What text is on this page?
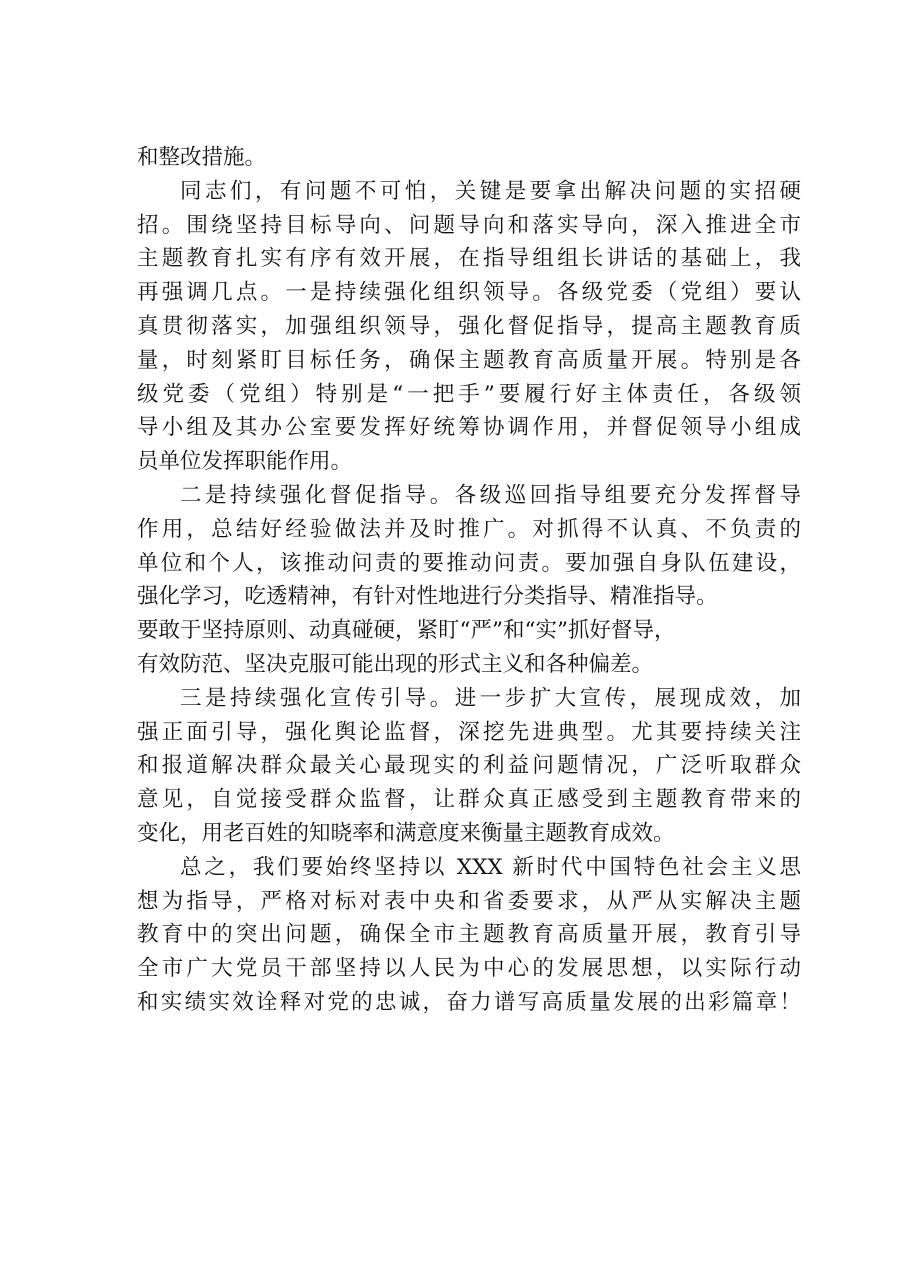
和整改措施。
同志们，有问题不可怕，关键是要拿出解决问题的实招硬
招。围绕坚持目标导向、问题导向和落实导向，深入推进全市
主题教育扎实有序有效开展，在指导组组长讲话的基础上，我
再强调几点。一是持续强化组织领导。各级党委（党组）要认
真贯彻落实，加强组织领导，强化督促指导，提高主题教育质
量，时刻紧盯目标任务，确保主题教育高质量开展。特别是各
级党委（党组）特别是“一把手”要履行好主体责任，各级领
导小组及其办公室要发挥好统筹协调作用，并督促领导小组成
员单位发挥职能作用。
二是持续强化督促指导。各级巡回指导组要充分发挥督导
作用，总结好经验做法并及时推广。对抓得不认真、不负责的
单位和个人，该推动问责的要推动问责。要加强自身队伍建设，
强化学习，吃透精神，有针对性地进行分类指导、精准指导。
要敢于坚持原则、动真碰硬，紧盯“严”和“实”抓好督导，
有效防范、坚决克服可能出现的形式主义和各种偏差。
三是持续强化宣传引导。进一步扩大宣传，展现成效，加
强正面引导，强化舆论监督，深挖先进典型。尤其要持续关注
和报道解决群众最关心最现实的利益问题情况，广泛听取群众
意见，自觉接受群众监督，让群众真正感受到主题教育带来的
变化，用老百姓的知晓率和满意度来衡量主题教育成效。
总之，我们要始终坚持以 XXX 新时代中国特色社会主义思
想为指导，严格对标对表中央和省委要求，从严从实解决主题
教育中的突出问题，确保全市主题教育高质量开展，教育引导
全市广大党员干部坚持以人民为中心的发展思想，以实际行动
和实绩实效诠释对党的忠诚，奋力谱写高质量发展的出彩篇章！
